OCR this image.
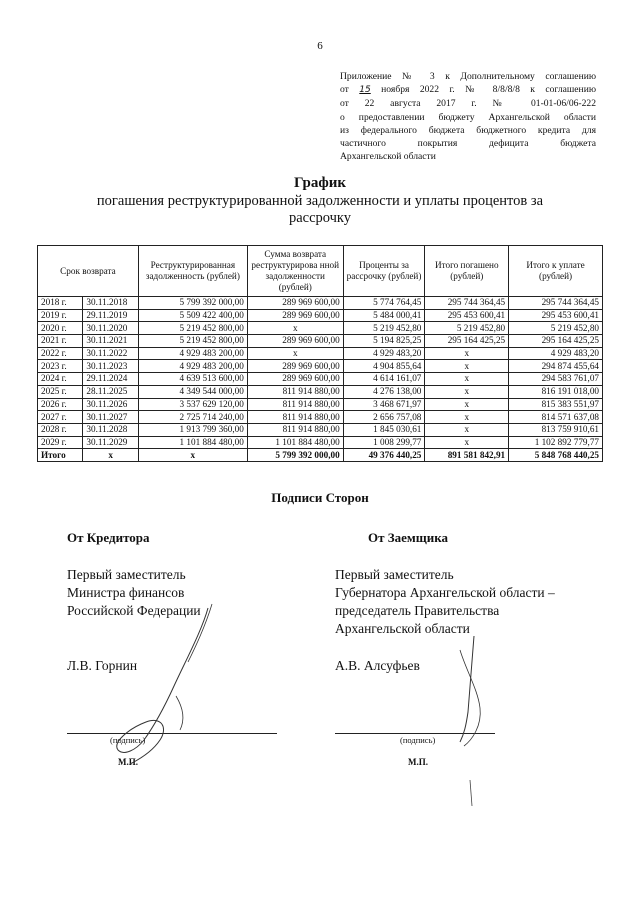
6
Приложение № 3 к Дополнительному соглашению
от 15 ноября 2022 г. № 8/8/8/8 к соглашению
от 22 августа 2017 г. № 01-01-06/06-222
о предоставлении бюджету Архангельской области
из федерального бюджета бюджетного кредита для
частичного покрытия дефицита бюджета
Архангельской области
График
погашения реструктурированной задолженности и уплаты процентов за рассрочку
Срок возврата		Реструктурированная задолженность (рублей)	Сумма возврата реструктурирова нной задолженности (рублей)	Проценты за рассрочку (рублей)	Итого погашено (рублей)	Итого к уплате (рублей)
2018 г.	30.11.2018	5 799 392 000,00	289 969 600,00	5 774 764,45	295 744 364,45	295 744 364,45
2019 г.	29.11.2019	5 509 422 400,00	289 969 600,00	5 484 000,41	295 453 600,41	295 453 600,41
2020 г.	30.11.2020	5 219 452 800,00	х	5 219 452,80	5 219 452,80	5 219 452,80
2021 г.	30.11.2021	5 219 452 800,00	289 969 600,00	5 194 825,25	295 164 425,25	295 164 425,25
2022 г.	30.11.2022	4 929 483 200,00	х	4 929 483,20	х	4 929 483,20
2023 г.	30.11.2023	4 929 483 200,00	289 969 600,00	4 904 855,64	х	294 874 455,64
2024 г.	29.11.2024	4 639 513 600,00	289 969 600,00	4 614 161,07	х	294 583 761,07
2025 г.	28.11.2025	4 349 544 000,00	811 914 880,00	4 276 138,00	х	816 191 018,00
2026 г.	30.11.2026	3 537 629 120,00	811 914 880,00	3 468 671,97	х	815 383 551,97
2027 г.	30.11.2027	2 725 714 240,00	811 914 880,00	2 656 757,08	х	814 571 637,08
2028 г.	30.11.2028	1 913 799 360,00	811 914 880,00	1 845 030,61	х	813 759 910,61
2029 г.	30.11.2029	1 101 884 480,00	1 101 884 480,00	1 008 299,77	х	1 102 892 779,77
Итого	х	х	5 799 392 000,00	49 376 440,25	891 581 842,91	5 848 768 440,25
Подписи Сторон
От Кредитора	От Заемщика
Первый заместитель
Министра финансов
Российской Федерации
Первый заместитель
Губернатора Архангельской области –
председатель Правительства
Архангельской области
Л.В. Горнин	А.В. Алсуфьев
(подпись)	(подпись)
М.П.	М.П.
